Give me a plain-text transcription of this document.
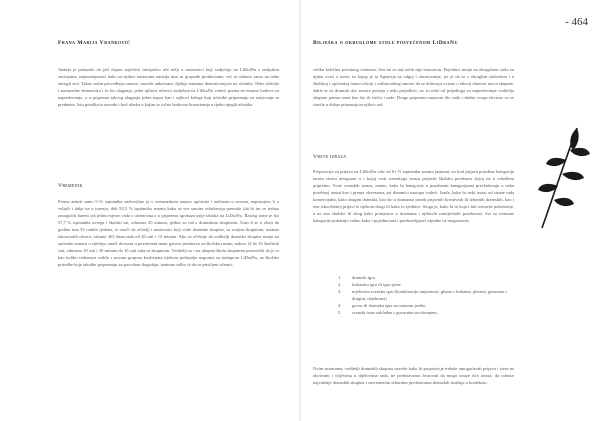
Frana Marija Vranković

Anketa je pokazala da jači dojam najčešću inicijativu uče nelji u nastavnici koji sudjeluju na LiDraNu s radijskim emisijama, naposemjenući kako na njihov nastaranu emisiju nisu ni gospode producirane, već se odnose samo na neke okrugli stol. Takav način provođenja smotre, navode anketirani, djeluje iznimno demotivirajuće na učenike. Neke učitelje i nastavnike demotivira i to što ulaganju, jedni njihovi učenici sudjeluju na LiDraNu vodeći prema ne donose bodove za napredovanje, a u pripremu takvog ulaganja jedan napor kao i njihovi kolege koji učenike pripremaju za natjecanje iz predmeta. Istu poteškoću navode i kod ulaska u kojim se točno bodovno honoriranja u tijeku njegih učenika.

Vremenik

Prema anketi samo 9 % ispitanika zadovoljno je s vremenskom smotre općenito i načinom u sezonu, naprimjeru li u veljači i dalje na u travnju, dok 92,5 % ispitanika smatra kako se sve smotre odražavaju premalo (da bi im se trebao omogućiti barem još jedan mjesec rada s učenicima a u pripremu igrokaza prije izlaska na LiDraNu. Razlog tome je što 57,7 % ispitanika uvrega i školski sat, odnosno 45 minuta, ijedno za rad s dramskom skupinom. Usm li se u obzir da godina ima 35 radnih tjedana, to znači da učitelji i nastavnici koji vode dramske skupine, sa svojim skupinom, ustanar takozvanih okvira, ustrane 365 dana rada od 20 sati i 15 minuta. Ako se očekuje da voditelji dramske skupine imaju na općenitu smotru u siječnju, znači da mora u povremeni imati gotovu predstavu za školsku razinu, nakon 14 do 16 školskih sati, odnosno 10 sati i 30 minuta do 16 sati rada sa skupinom. Voditelji su i na ukupnu školu skupinom postvodili da je to kao koliko radionica vodilo s novom grupom koalizirate tijekom prešnjuha negroma za nastupom LiDraNu, uz školske priredbe koje također pripremaju za povodom dogadaju, iznimno teško će da se prisiljeni učenici.

- 464
Bilješka o okruglome stolu posvećenom LiDraNu

veliku količinu privatnog vremena, čini im se naj način nije honoriran. Pojedinci imaju na okruglome stolu za njima ovisi o tome, za kojeg je ta Agencija za odgoj i obrazovanje, jer je da se s okruglim stolovima i u školskoj i općinskoj razini odvoji i odžarivalnog smotre da se dobivaju ovisno o takvoj obavezi nivoa skupine, dakle te za dramski dio smotre postoje i neki prijedlozi, no su neki od prijedloga za napredovanje voditelja skupine prema tome kao što ih ističu i naše. Drugu pripremu nastavni dio rada i dužini svega okvirno su se stavile u dokaz priznanja za njihov rad.

Vrste izraza

Propozicije za prijavu na LiDraNu više od 61 % ispitanika smatra jasnima, no kod prijava pojedina kategorija izraza stvara nesiguran u i kojoj vrsti scenskoga izraza prijaviti školsku predstavu kojoj na u određenu pripremu. Vrste scenskih izraza, naime, kako bi kategorije u posebnom kategorijama prevladavaju u neka posebnoj razini kao i prema obvezama, pri dinamici nastupa vodeći. Inače, kako bi neki izrazi od strane rada komercijalni, kako drugim dramski, kao što u dramama jasnih prijavnih kreativnih ili izbornih dramskih, kao i one iskorištenoj prijavi te tijekom drugi ili kako iz sjednice. Stoga je, kako bi to koja i biti ostvariti pokretanje, a za ono skolske ili zbog kako primjerice u dramama i njihovih zamijećenih posebnosti. Svi su trenutne kategorije pokazuju važno kako i pojedincima i predstavljajući zajedno tri mogućnosti:

1. dramski igru
2. lutkarsku igru ili igru sjene
3. mješovitu scensku igru (kombinacija umjetnosti, glume s lutkama, plesom, pjesmom i drugim, objektima)
4. govor ili dramsku igru na stranom jeziku
5. scenski izraz usklađen s govornim recitiranjem.

Ovim smotrama, voditelji dramskih skupina navode kako bi propozicije trebale omogućavati prijavu i izraz na okvirnim i ciljevima u dijelovima rada, ne predstavama čestovati da mogu izraze dva izraza, da odnose najvažnije dramskih skupina i suvremenim izbornim predstavama dramskih izražaja u kontekstu.
